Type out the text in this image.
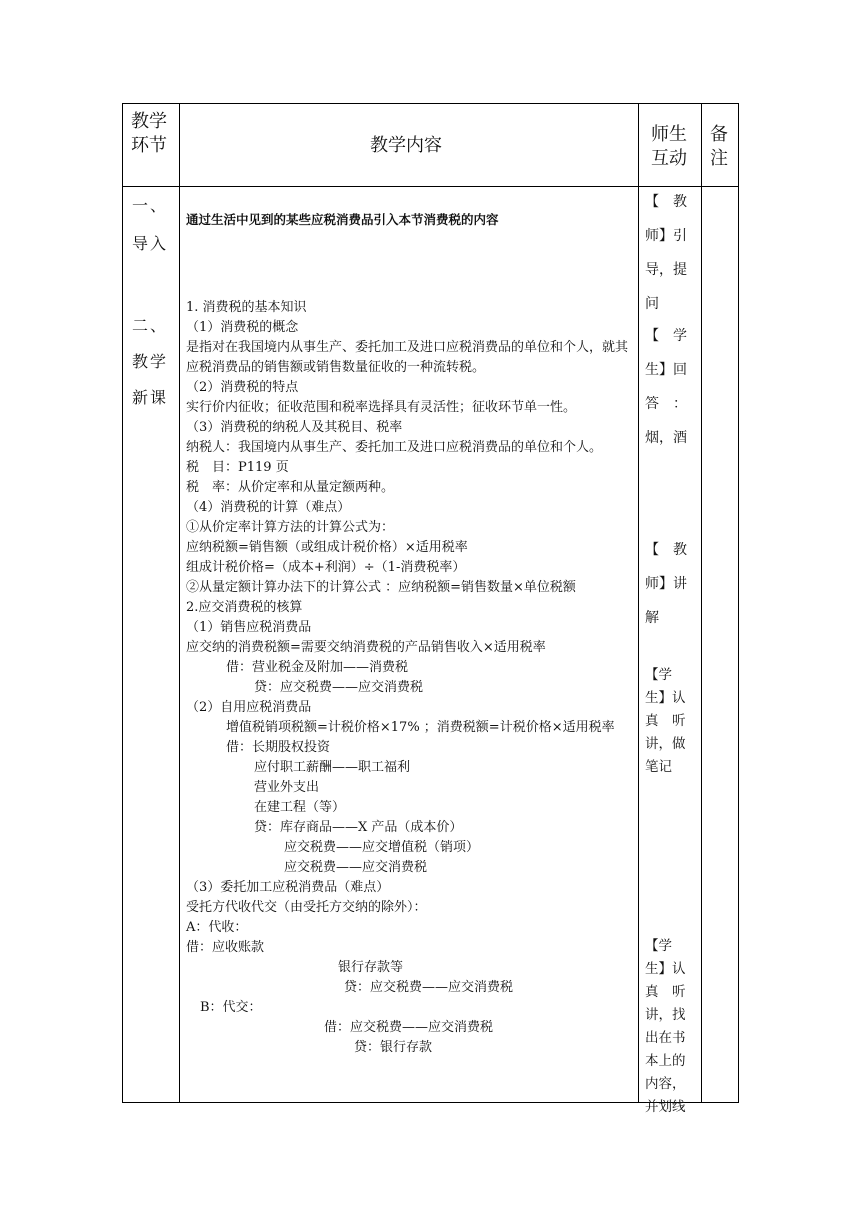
教学
环节	教学内容
师生
互动
备
注
一、
导入
二、
教学
新课
通过生活中见到的某些应税消费品引入本节消费税的内容
1. 消费税的基本知识
（1）消费税的概念
是指对在我国境内从事生产、委托加工及进口应税消费品的单位和个人，就其应税消费品的销售额或销售数量征收的一种流转税。
（2）消费税的特点
实行价内征收；征收范围和税率选择具有灵活性；征收环节单一性。
（3）消费税的纳税人及其税目、税率
纳税人：我国境内从事生产、委托加工及进口应税消费品的单位和个人。
税　目：P119 页
税　率：从价定率和从量定额两种。
（4）消费税的计算（难点）
①从价定率计算方法的计算公式为：
应纳税额=销售额（或组成计税价格）×适用税率
组成计税价格=（成本+利润）÷（1-消费税率）
②从量定额计算办法下的计算公式 ：应纳税额=销售数量×单位税额
2.应交消费税的核算
（1）销售应税消费品
应交纳的消费税额=需要交纳消费税的产品销售收入×适用税率
借：营业税金及附加——消费税
贷：应交税费——应交消费税
（2）自用应税消费品
增值税销项税额=计税价格×17% ；消费税额=计税价格×适用税率
借：长期股权投资
应付职工薪酬——职工福利
营业外支出
在建工程（等）
贷：库存商品——X 产品（成本价）
应交税费——应交增值税（销项）
应交税费——应交消费税
（3）委托加工应税消费品（难点）
受托方代收代交（由受托方交纳的除外）：
A：代收：
借：应收账款
银行存款等
贷：应交税费——应交消费税
B：代交：
借：应交税费——应交消费税
贷：银行存款
【　教
师】引
导，提
问
【　学
生】回
答　：
烟，酒
【　教
师】讲
解
【学
生】认
真　听
讲，做
笔记
【学
生】认
真　听
讲，找
出在书
本上的
内容，
并划线
